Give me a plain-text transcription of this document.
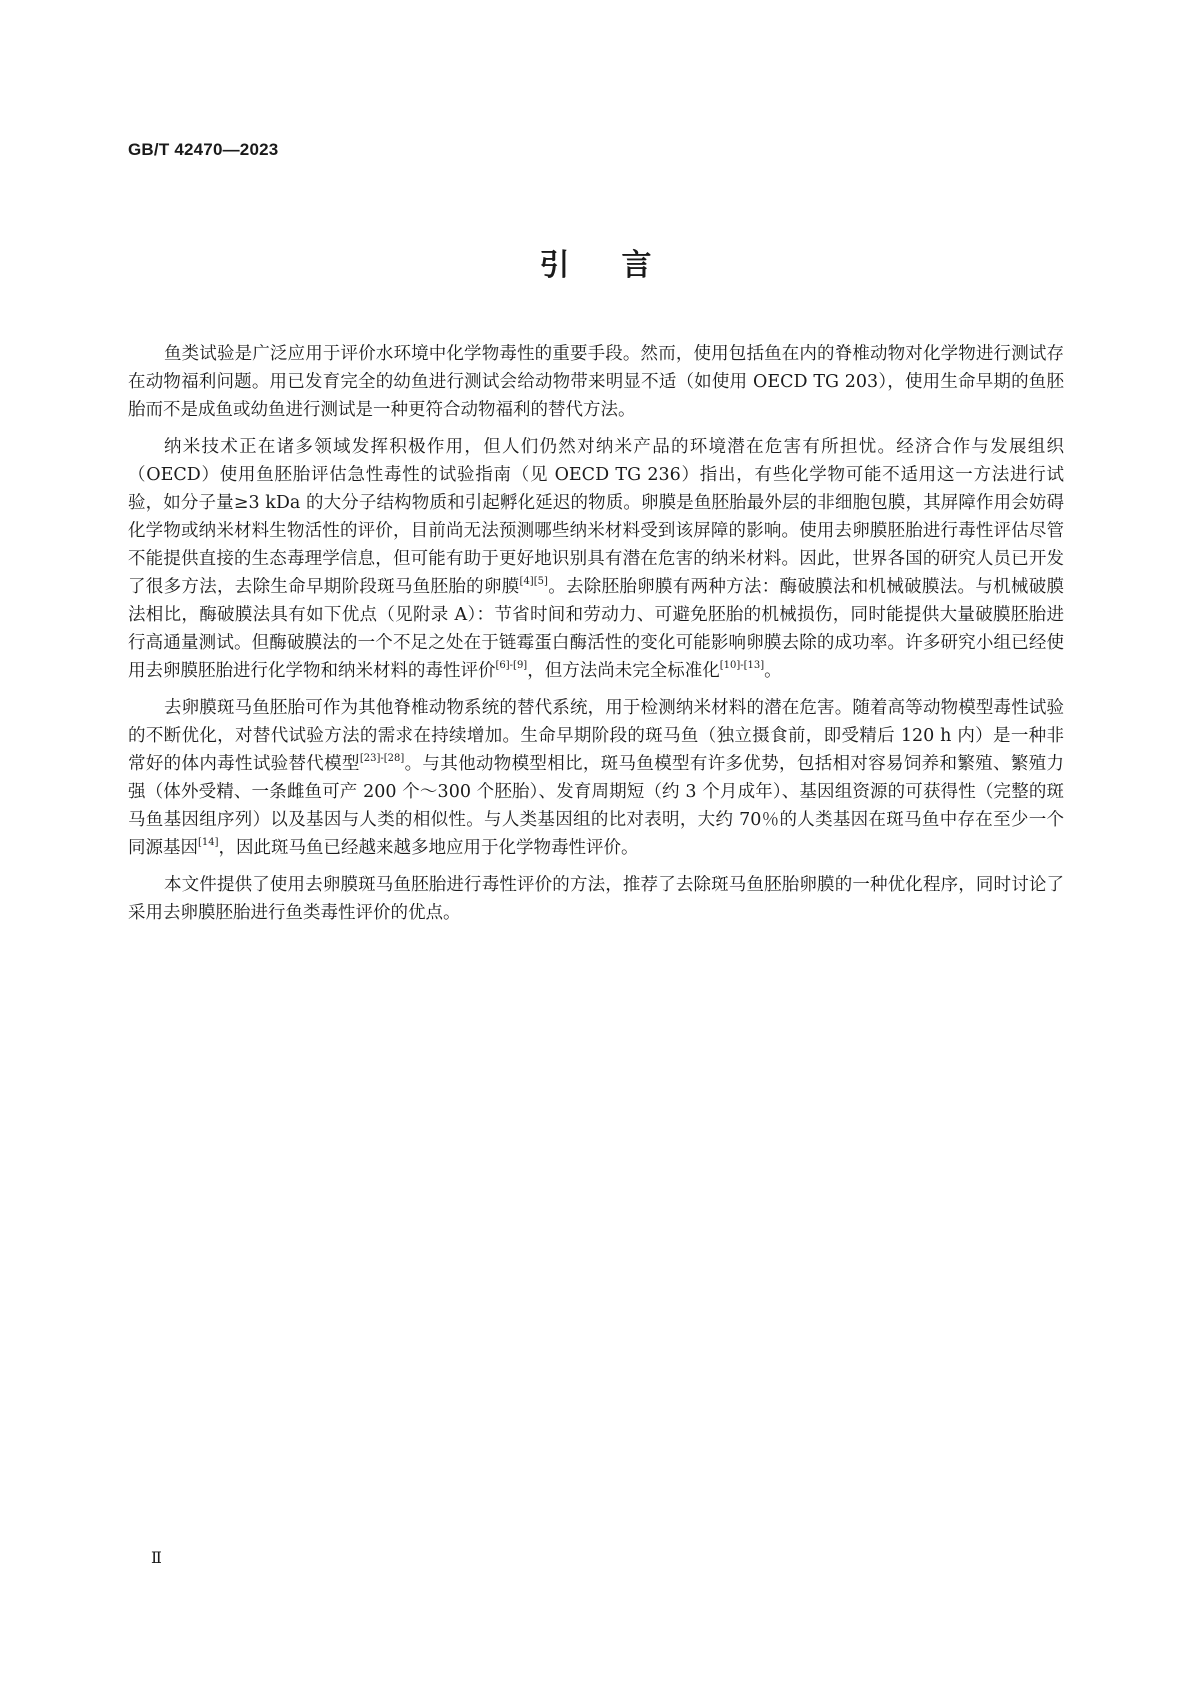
GB/T 42470—2023
引言

鱼类试验是广泛应用于评价水环境中化学物毒性的重要手段。然而，使用包括鱼在内的脊椎动物对化学物进行测试存在动物福利问题。用已发育完全的幼鱼进行测试会给动物带来明显不适（如使用 OECD TG 203），使用生命早期的鱼胚胎而不是成鱼或幼鱼进行测试是一种更符合动物福利的替代方法。

纳米技术正在诸多领域发挥积极作用，但人们仍然对纳米产品的环境潜在危害有所担忧。经济合作与发展组织（OECD）使用鱼胚胎评估急性毒性的试验指南（见 OECD TG 236）指出，有些化学物可能不适用这一方法进行试验，如分子量≥3 kDa 的大分子结构物质和引起孵化延迟的物质。卵膜是鱼胚胎最外层的非细胞包膜，其屏障作用会妨碍化学物或纳米材料生物活性的评价，目前尚无法预测哪些纳米材料受到该屏障的影响。使用去卵膜胚胎进行毒性评估尽管不能提供直接的生态毒理学信息，但可能有助于更好地识别具有潜在危害的纳米材料。因此，世界各国的研究人员已开发了很多方法，去除生命早期阶段斑马鱼胚胎的卵膜[4][5]。去除胚胎卵膜有两种方法：酶破膜法和机械破膜法。与机械破膜法相比，酶破膜法具有如下优点（见附录 A）：节省时间和劳动力、可避免胚胎的机械损伤，同时能提供大量破膜胚胎进行高通量测试。但酶破膜法的一个不足之处在于链霉蛋白酶活性的变化可能影响卵膜去除的成功率。许多研究小组已经使用去卵膜胚胎进行化学物和纳米材料的毒性评价[6]-[9]，但方法尚未完全标准化[10]-[13]。

去卵膜斑马鱼胚胎可作为其他脊椎动物系统的替代系统，用于检测纳米材料的潜在危害。随着高等动物模型毒性试验的不断优化，对替代试验方法的需求在持续增加。生命早期阶段的斑马鱼（独立摄食前，即受精后 120 h 内）是一种非常好的体内毒性试验替代模型[23]-[28]。与其他动物模型相比，斑马鱼模型有许多优势，包括相对容易饲养和繁殖、繁殖力强（体外受精、一条雌鱼可产 200 个～300 个胚胎）、发育周期短（约 3 个月成年）、基因组资源的可获得性（完整的斑马鱼基因组序列）以及基因与人类的相似性。与人类基因组的比对表明，大约 70％的人类基因在斑马鱼中存在至少一个同源基因[14]，因此斑马鱼已经越来越多地应用于化学物毒性评价。

本文件提供了使用去卵膜斑马鱼胚胎进行毒性评价的方法，推荐了去除斑马鱼胚胎卵膜的一种优化程序，同时讨论了采用去卵膜胚胎进行鱼类毒性评价的优点。

Ⅱ
